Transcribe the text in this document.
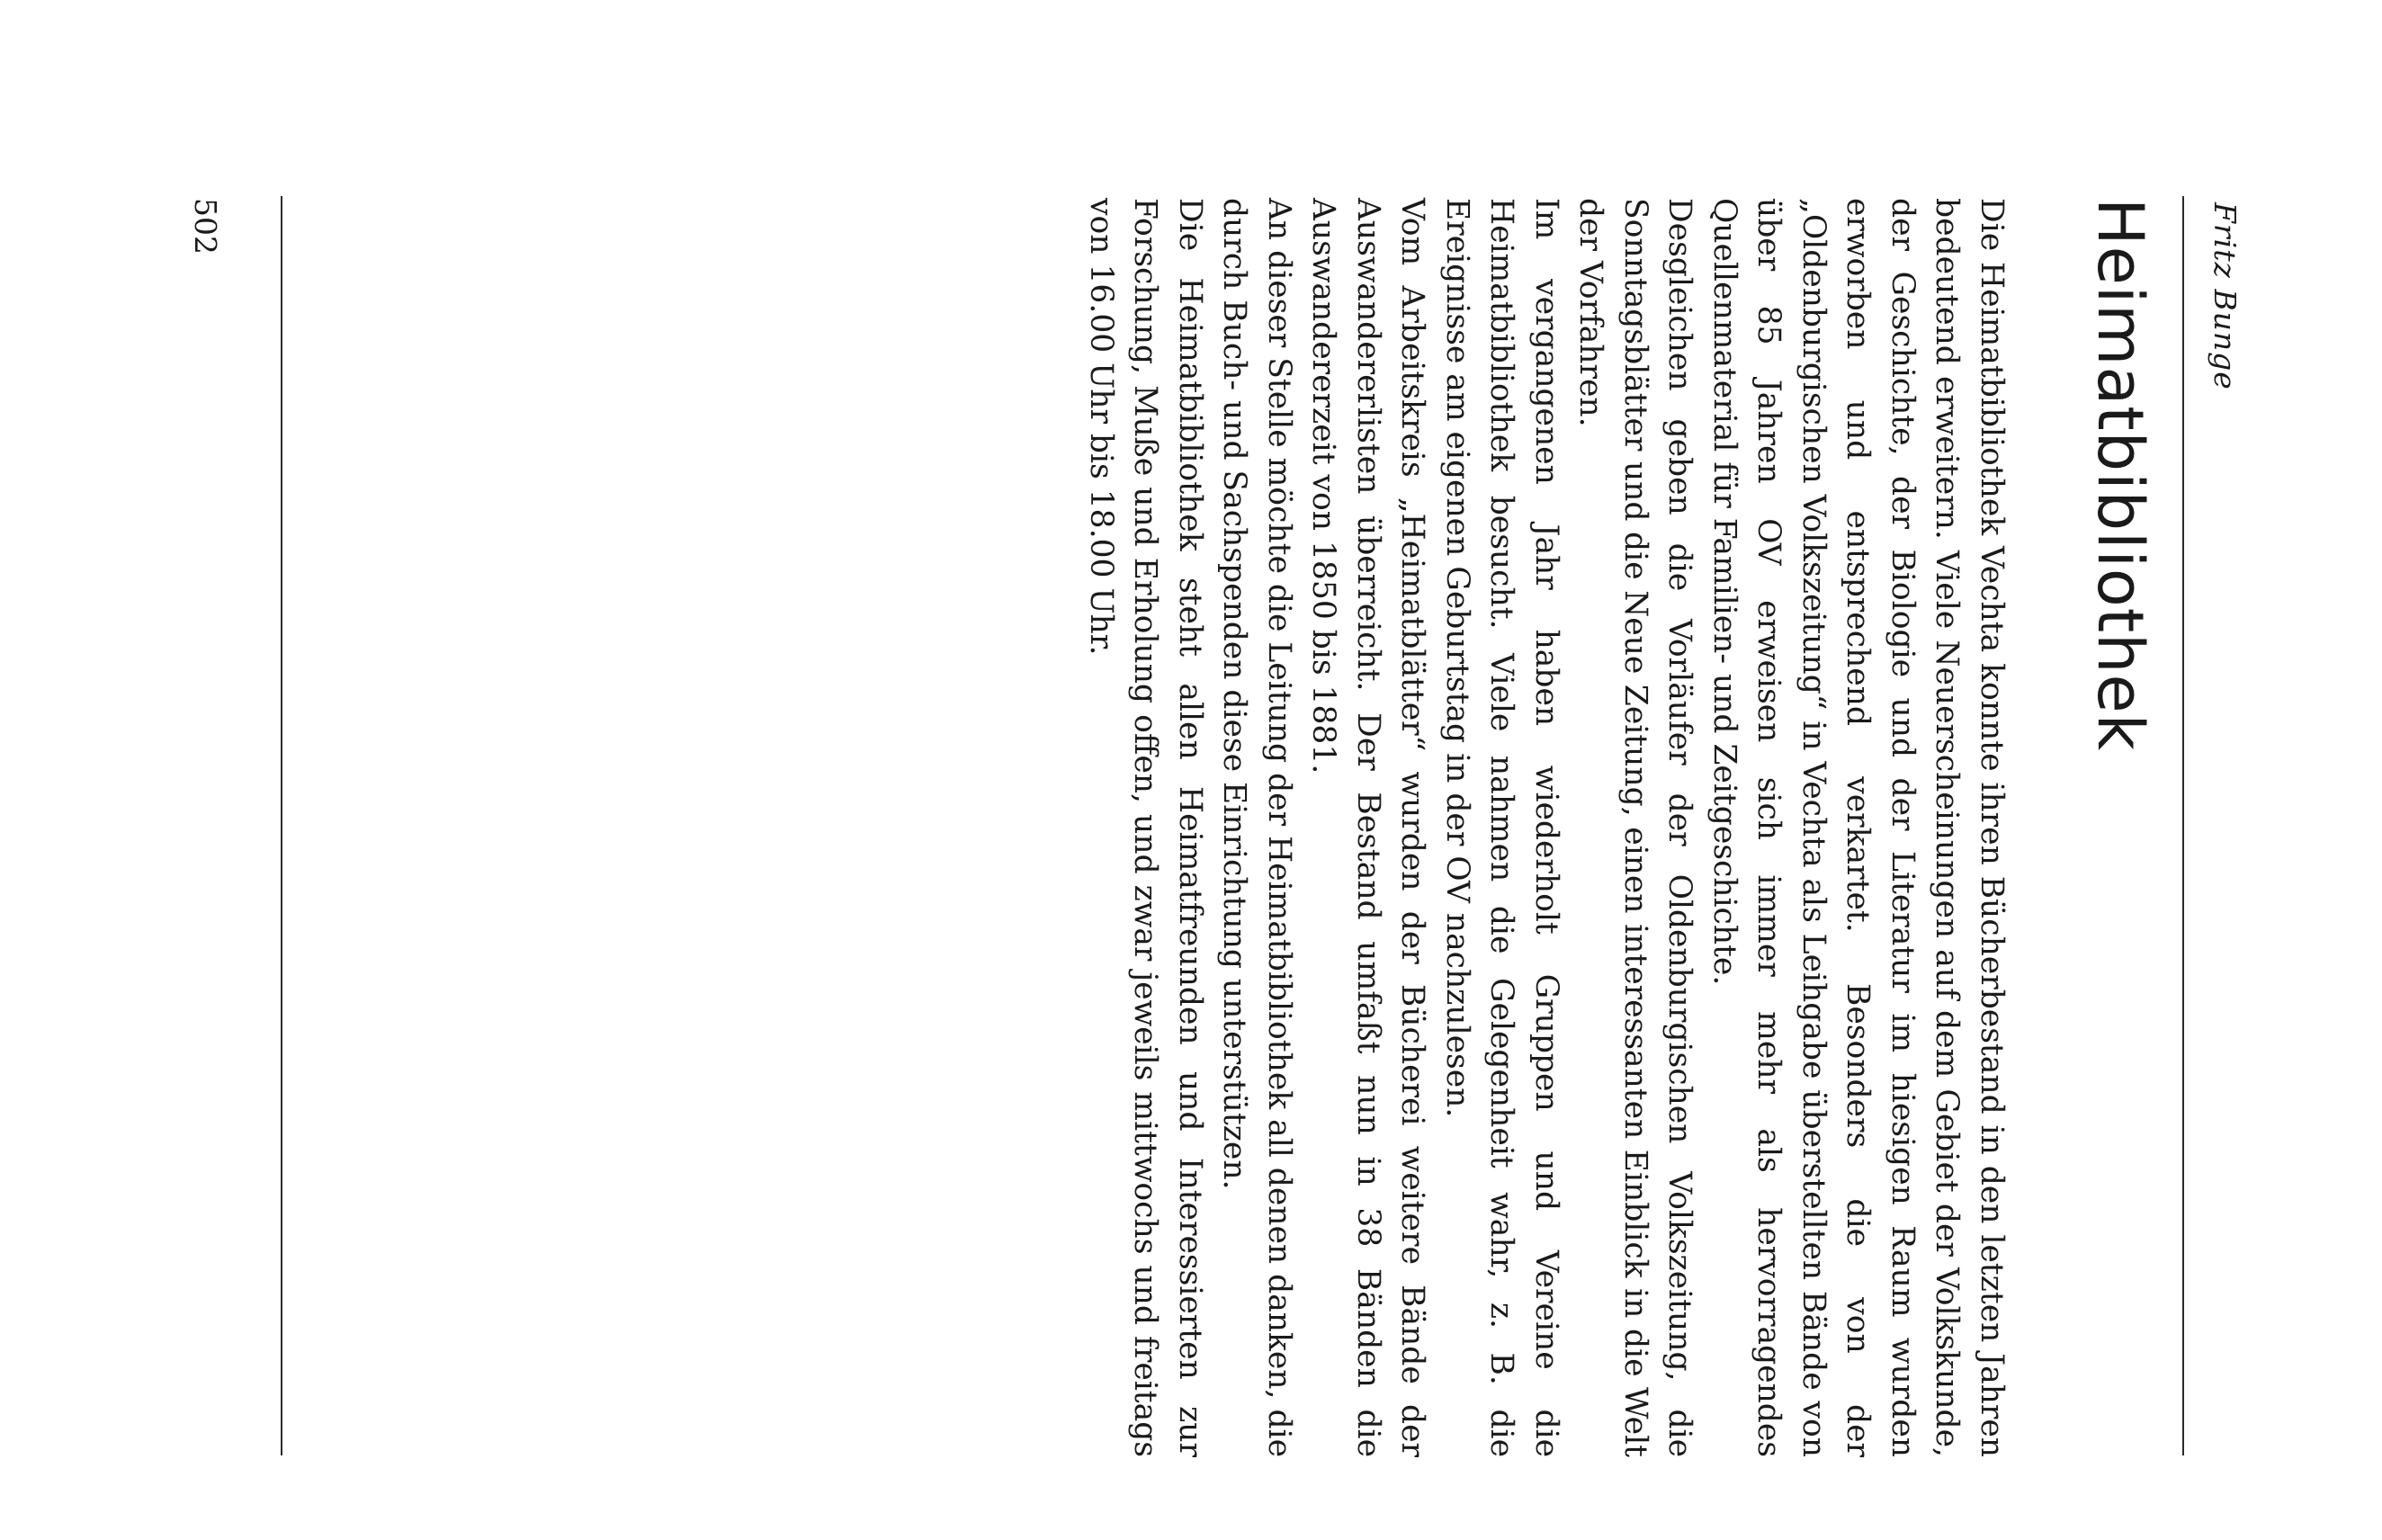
Fritz Bunge
Heimatbibliothek

Die Heimatbibliothek Vechta konnte ihren Bücherbestand in den letzten Jahren bedeutend erweitern. Viele Neuerscheinungen auf dem Gebiet der Volkskunde, der Geschichte, der Biologie und der Literatur im hiesigen Raum wurden erworben und entsprechend verkartet. Besonders die von der „Oldenburgischen Volkszeitung“ in Vechta als Leihgabe überstellten Bände von über 85 Jahren OV erweisen sich immer mehr als hervorragendes Quellenmaterial für Familien- und Zeitgeschichte.

Desgleichen geben die Vorläufer der Oldenburgischen Volkszeitung, die Sonntagsblätter und die Neue Zeitung, einen interessanten Einblick in die Welt der Vorfahren.

Im vergangenen Jahr haben wiederholt Gruppen und Vereine die Heimatbibliothek besucht. Viele nahmen die Gelegenheit wahr, z. B. die Ereignisse am eigenen Geburtstag in der OV nachzulesen.

Vom Arbeitskreis „Heimatblätter“ wurden der Bücherei weitere Bände der Auswandererlisten überreicht. Der Bestand umfaßt nun in 38 Bänden die Auswandererzeit von 1850 bis 1881.

An dieser Stelle möchte die Leitung der Heimatbibliothek all denen danken, die durch Buch- und Sachspenden diese Einrichtung unterstützen.

Die Heimatbibliothek steht allen Heimatfreunden und Interessierten zur Forschung, Muße und Erholung offen, und zwar jeweils mittwochs und freitags von 16.00 Uhr bis 18.00 Uhr.

502
